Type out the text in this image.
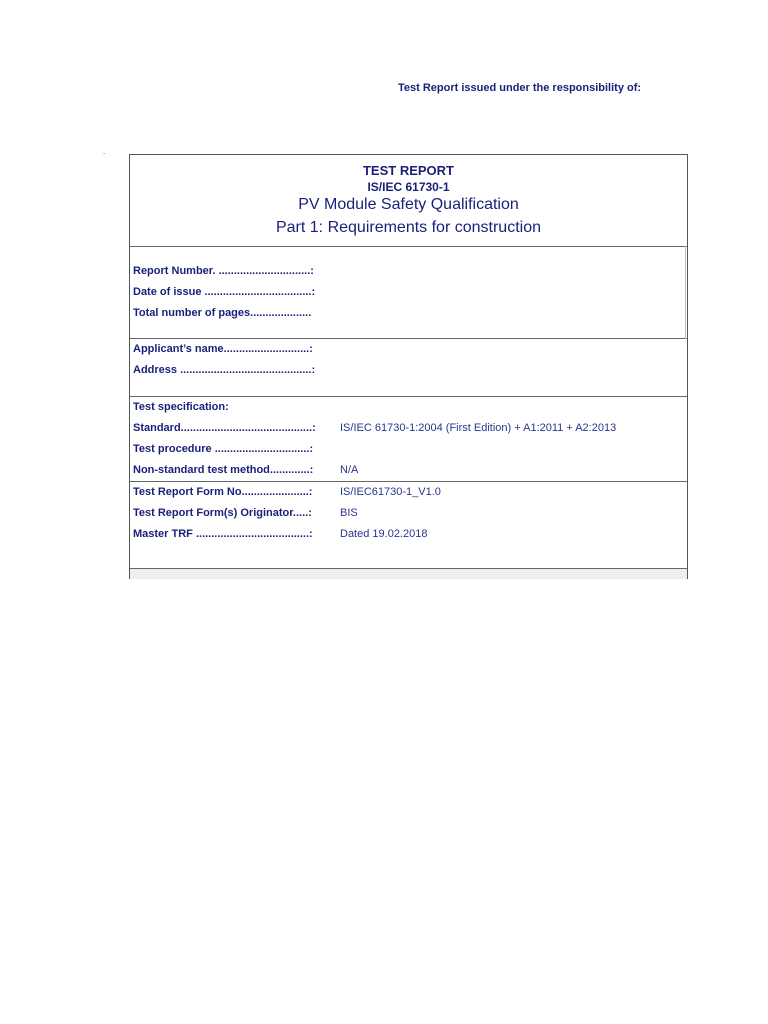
Test Report issued under the responsibility of:
.
TEST REPORT
IS/IEC 61730-1
PV Module Safety Qualification
Part 1: Requirements for construction
Report Number. ..............................:
Date of issue ...................................:
Total number of pages....................
Applicant’s name............................:
Address ...........................................:
Test specification:
Standard...........................................: IS/IEC 61730-1:2004 (First Edition) + A1:2011 + A2:2013
Test procedure ...............................:
Non-standard test method.............: N/A
Test Report Form No......................:	IS/IEC61730-1_V1.0
Test Report Form(s) Originator.....:	BIS
Master TRF .....................................: Dated 19.02.2018
